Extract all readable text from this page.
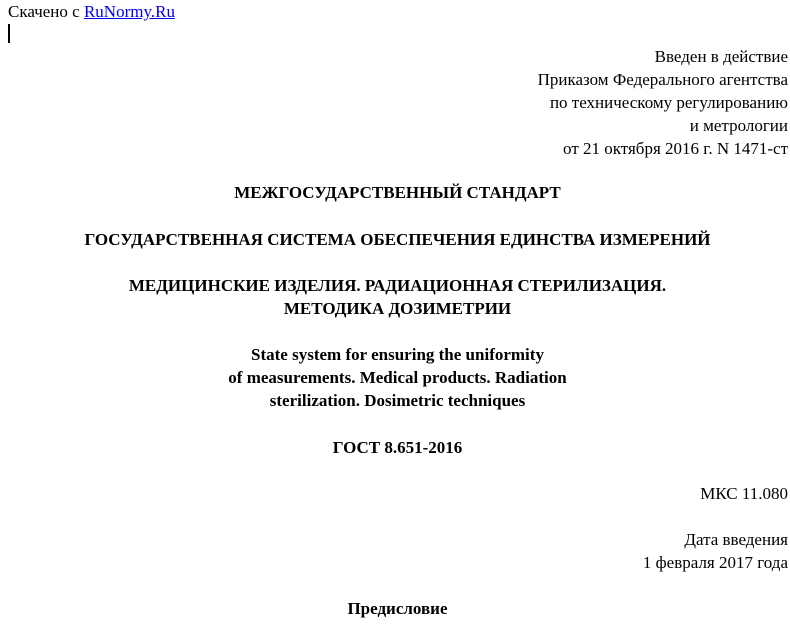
Скачено с RuNormy.Ru
Введен в действие
Приказом Федерального агентства
по техническому регулированию
и метрологии
от 21 октября 2016 г. N 1471-ст
МЕЖГОСУДАРСТВЕННЫЙ СТАНДАРТ
ГОСУДАРСТВЕННАЯ СИСТЕМА ОБЕСПЕЧЕНИЯ ЕДИНСТВА ИЗМЕРЕНИЙ
МЕДИЦИНСКИЕ ИЗДЕЛИЯ. РАДИАЦИОННАЯ СТЕРИЛИЗАЦИЯ.
МЕТОДИКА ДОЗИМЕТРИИ
State system for ensuring the uniformity
of measurements. Medical products. Radiation
sterilization. Dosimetric techniques
ГОСТ 8.651-2016
МКС 11.080
Дата введения
1 февраля 2017 года
Предисловие
